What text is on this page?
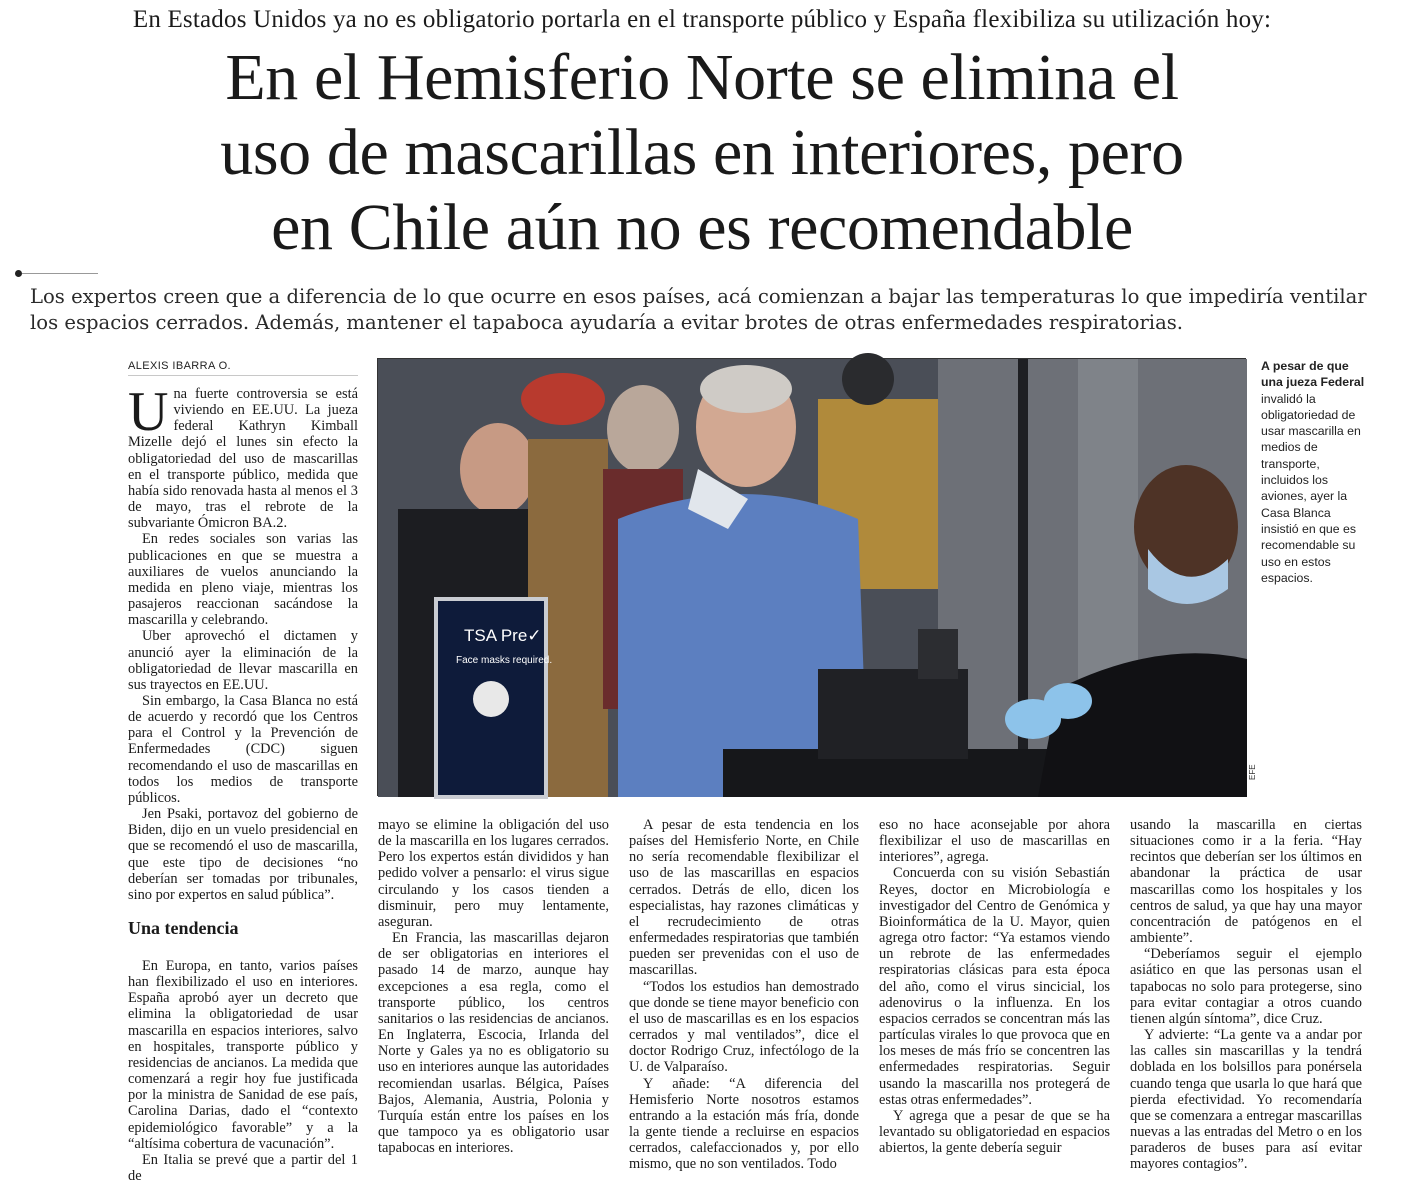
En Estados Unidos ya no es obligatorio portarla en el transporte público y España flexibiliza su utilización hoy:
En el Hemisferio Norte se elimina el
uso de mascarillas en interiores, pero
en Chile aún no es recomendable
Los expertos creen que a diferencia de lo que ocurre en esos países, acá comienzan a bajar las temperaturas lo que impediría ventilar los espacios cerrados. Además, mantener el tapaboca ayudaría a evitar brotes de otras enfermedades respiratorias.
ALEXIS IBARRA O.

Una fuerte controversia se está viviendo en EE.UU. La jueza federal Kathryn Kimball Mizelle dejó el lunes sin efecto la obligatoriedad del uso de mascarillas en el transporte público, medida que había sido renovada hasta al menos el 3 de mayo, tras el rebrote de la subvariante Ómicron BA.2.

En redes sociales son varias las publicaciones en que se muestra a auxiliares de vuelos anunciando la medida en pleno viaje, mientras los pasajeros reaccionan sacándose la mascarilla y celebrando.

Uber aprovechó el dictamen y anunció ayer la eliminación de la obligatoriedad de llevar mascarilla en sus trayectos en EE.UU.

Sin embargo, la Casa Blanca no está de acuerdo y recordó que los Centros para el Control y la Prevención de Enfermedades (CDC) siguen recomendando el uso de mascarillas en todos los medios de transporte públicos.

Jen Psaki, portavoz del gobierno de Biden, dijo en un vuelo presidencial en que se recomendó el uso de mascarilla, que este tipo de decisiones “no deberían ser tomadas por tribunales, sino por expertos en salud pública”.

Una tendencia

En Europa, en tanto, varios países han flexibilizado el uso en interiores. España aprobó ayer un decreto que elimina la obligatoriedad de usar mascarilla en espacios interiores, salvo en hospitales, transporte público y residencias de ancianos. La medida que comenzará a regir hoy fue justificada por la ministra de Sanidad de ese país, Carolina Darias, dado el “contexto epidemiológico favorable” y a la “altísima cobertura de vacunación”.

En Italia se prevé que a partir del 1 de

TSA Pre✓
Face masks required.
EFE
A pesar de que una jueza Federal invalidó la obligatoriedad de usar mascarilla en medios de transporte, incluidos los aviones, ayer la Casa Blanca insistió en que es recomendable su uso en estos espacios.

mayo se elimine la obligación del uso de la mascarilla en los lugares cerrados. Pero los expertos están divididos y han pedido volver a pensarlo: el virus sigue circulando y los casos tienden a disminuir, pero muy lentamente, aseguran.

En Francia, las mascarillas dejaron de ser obligatorias en interiores el pasado 14 de marzo, aunque hay excepciones a esa regla, como el transporte público, los centros sanitarios o las residencias de ancianos. En Inglaterra, Escocia, Irlanda del Norte y Gales ya no es obligatorio su uso en interiores aunque las autoridades recomiendan usarlas. Bélgica, Países Bajos, Alemania, Austria, Polonia y Turquía están entre los países en los que tampoco ya es obligatorio usar tapabocas en interiores.

A pesar de esta tendencia en los países del Hemisferio Norte, en Chile no sería recomendable flexibilizar el uso de las mascarillas en espacios cerrados. Detrás de ello, dicen los especialistas, hay razones climáticas y el recrudecimiento de otras enfermedades respiratorias que también pueden ser prevenidas con el uso de mascarillas.

“Todos los estudios han demostrado que donde se tiene mayor beneficio con el uso de mascarillas es en los espacios cerrados y mal ventilados”, dice el doctor Rodrigo Cruz, infectólogo de la U. de Valparaíso.

Y añade: “A diferencia del Hemisferio Norte nosotros estamos entrando a la estación más fría, donde la gente tiende a recluirse en espacios cerrados, calefaccionados y, por ello mismo, que no son ventilados. Todo

eso no hace aconsejable por ahora flexibilizar el uso de mascarillas en interiores”, agrega.

Concuerda con su visión Sebastián Reyes, doctor en Microbiología e investigador del Centro de Genómica y Bioinformática de la U. Mayor, quien agrega otro factor: “Ya estamos viendo un rebrote de las enfermedades respiratorias clásicas para esta época del año, como el virus sincicial, los adenovirus o la influenza. En los espacios cerrados se concentran más las partículas virales lo que provoca que en los meses de más frío se concentren las enfermedades respiratorias. Seguir usando la mascarilla nos protegerá de estas otras enfermedades”.

Y agrega que a pesar de que se ha levantado su obligatoriedad en espacios abiertos, la gente debería seguir

usando la mascarilla en ciertas situaciones como ir a la feria. “Hay recintos que deberían ser los últimos en abandonar la práctica de usar mascarillas como los hospitales y los centros de salud, ya que hay una mayor concentración de patógenos en el ambiente”.

“Deberíamos seguir el ejemplo asiático en que las personas usan el tapabocas no solo para protegerse, sino para evitar contagiar a otros cuando tienen algún síntoma”, dice Cruz.

Y advierte: “La gente va a andar por las calles sin mascarillas y la tendrá doblada en los bolsillos para ponérsela cuando tenga que usarla lo que hará que pierda efectividad. Yo recomendaría que se comenzara a entregar mascarillas nuevas a las entradas del Metro o en los paraderos de buses para así evitar mayores contagios”.
